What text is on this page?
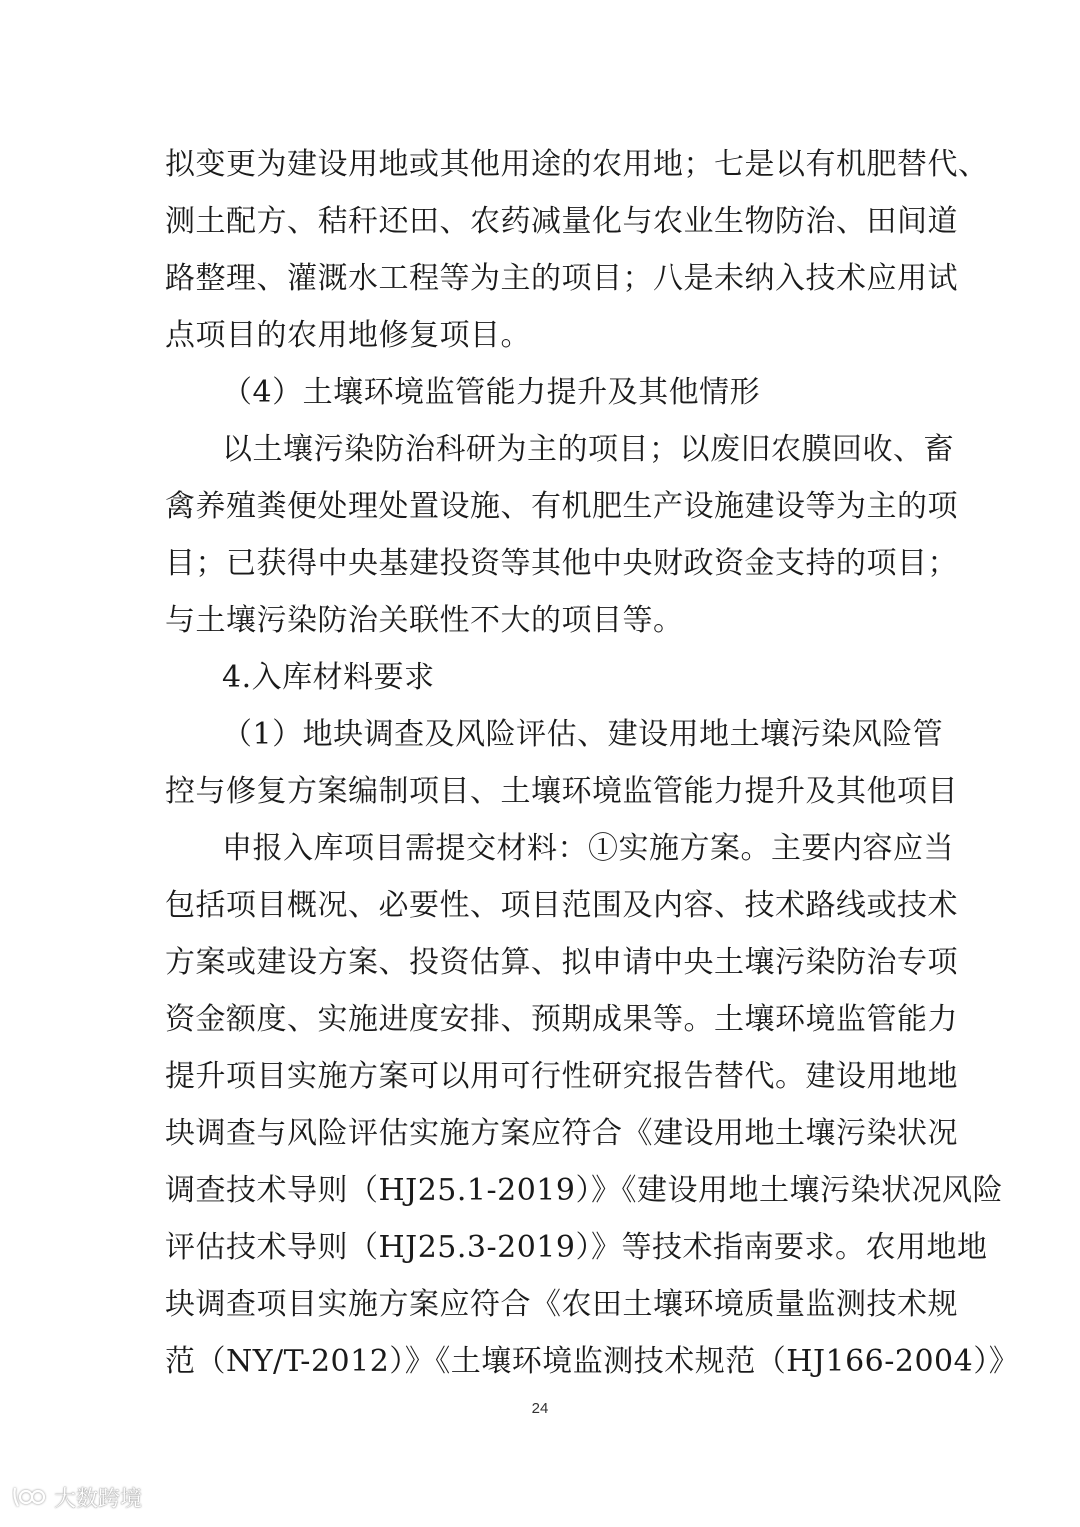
拟变更为建设用地或其他用途的农用地；七是以有机肥替代、
测土配方、秸秆还田、农药减量化与农业生物防治、田间道
路整理、灌溉水工程等为主的项目；八是未纳入技术应用试
点项目的农用地修复项目。
（4）土壤环境监管能力提升及其他情形
以土壤污染防治科研为主的项目；以废旧农膜回收、畜
禽养殖粪便处理处置设施、有机肥生产设施建设等为主的项
目；已获得中央基建投资等其他中央财政资金支持的项目；
与土壤污染防治关联性不大的项目等。
4.入库材料要求
（1）地块调查及风险评估、建设用地土壤污染风险管
控与修复方案编制项目、土壤环境监管能力提升及其他项目
申报入库项目需提交材料：①实施方案。主要内容应当
包括项目概况、必要性、项目范围及内容、技术路线或技术
方案或建设方案、投资估算、拟申请中央土壤污染防治专项
资金额度、实施进度安排、预期成果等。土壤环境监管能力
提升项目实施方案可以用可行性研究报告替代。建设用地地
块调查与风险评估实施方案应符合《建设用地土壤污染状况
调查技术导则（HJ25.1-2019）》《建设用地土壤污染状况风险
评估技术导则（HJ25.3-2019）》等技术指南要求。农用地地
块调查项目实施方案应符合《农田土壤环境质量监测技术规
范（NY/T-2012）》《土壤环境监测技术规范（HJ166-2004）》
24
大数跨境
